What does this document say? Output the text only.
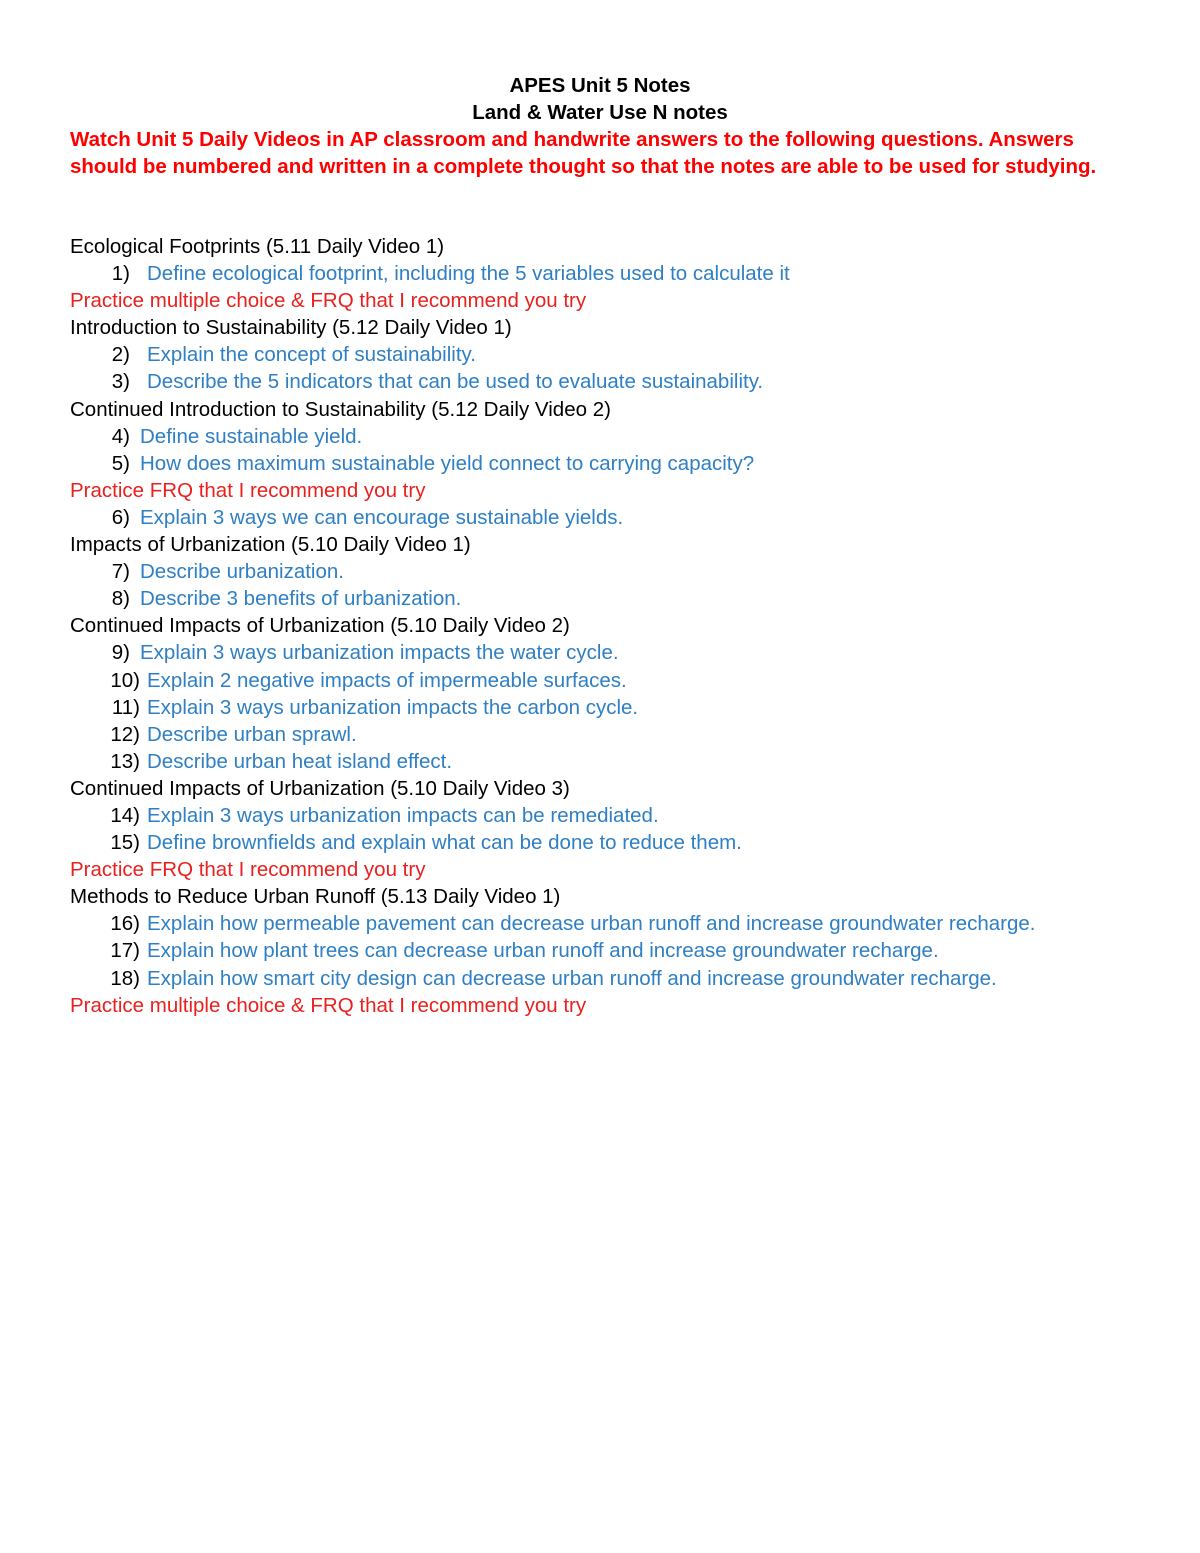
APES Unit 5 Notes
Land & Water Use N notes
Watch Unit 5 Daily Videos in AP classroom and handwrite answers to the following questions. Answers should be numbered and written in a complete thought so that the notes are able to be used for studying.
Ecological Footprints (5.11 Daily Video 1)
1) Define ecological footprint, including the 5 variables used to calculate it
Practice multiple choice & FRQ that I recommend you try
Introduction to Sustainability (5.12 Daily Video 1)
2) Explain the concept of sustainability.
3) Describe the 5 indicators that can be used to evaluate sustainability.
Continued Introduction to Sustainability (5.12 Daily Video 2)
4) Define sustainable yield.
5) How does maximum sustainable yield connect to carrying capacity?
Practice FRQ that I recommend you try
6) Explain 3 ways we can encourage sustainable yields.
Impacts of Urbanization (5.10 Daily Video 1)
7) Describe urbanization.
8) Describe 3 benefits of urbanization.
Continued Impacts of Urbanization (5.10 Daily Video 2)
9) Explain 3 ways urbanization impacts the water cycle.
10) Explain 2 negative impacts of impermeable surfaces.
11) Explain 3 ways urbanization impacts the carbon cycle.
12) Describe urban sprawl.
13) Describe urban heat island effect.
Continued Impacts of Urbanization (5.10 Daily Video 3)
14) Explain 3 ways urbanization impacts can be remediated.
15) Define brownfields and explain what can be done to reduce them.
Practice FRQ that I recommend you try
Methods to Reduce Urban Runoff (5.13 Daily Video 1)
16) Explain how permeable pavement can decrease urban runoff and increase groundwater recharge.
17) Explain how plant trees can decrease urban runoff and increase groundwater recharge.
18) Explain how smart city design can decrease urban runoff and increase groundwater recharge.
Practice multiple choice & FRQ that I recommend you try
